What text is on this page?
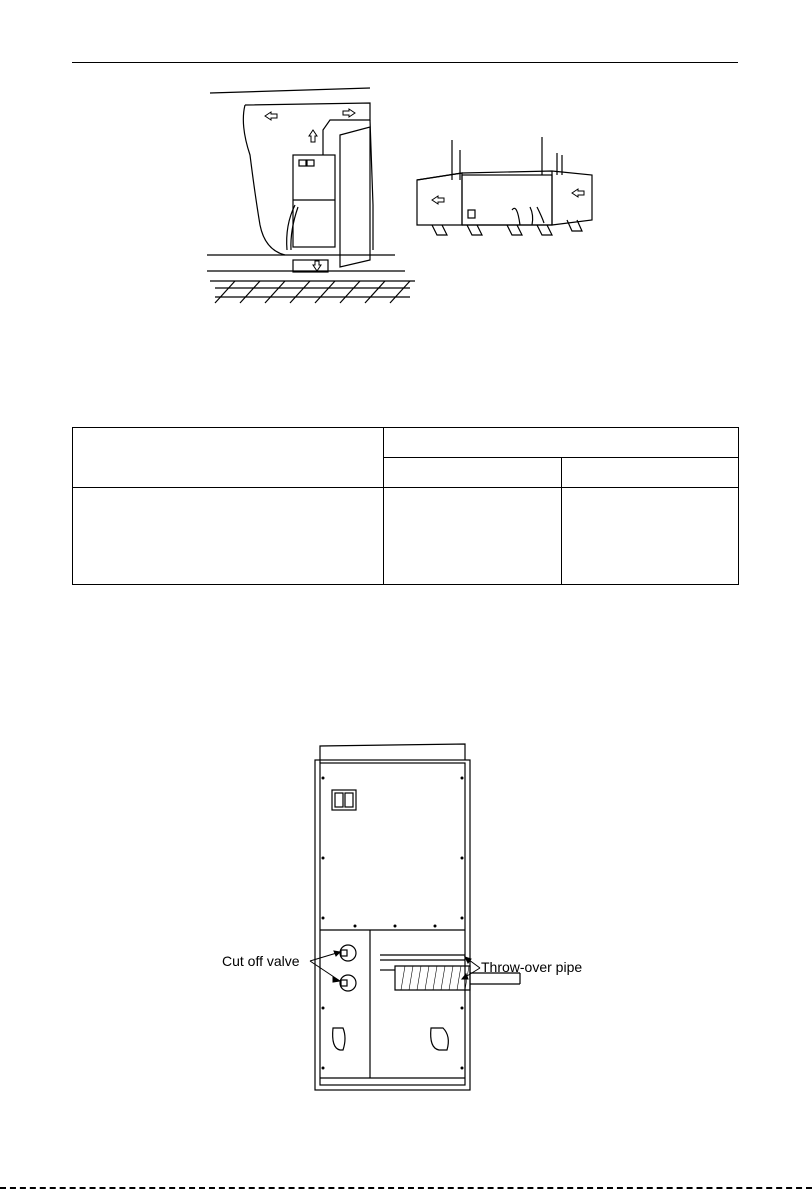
Cut off valve	Throw-over pipe
